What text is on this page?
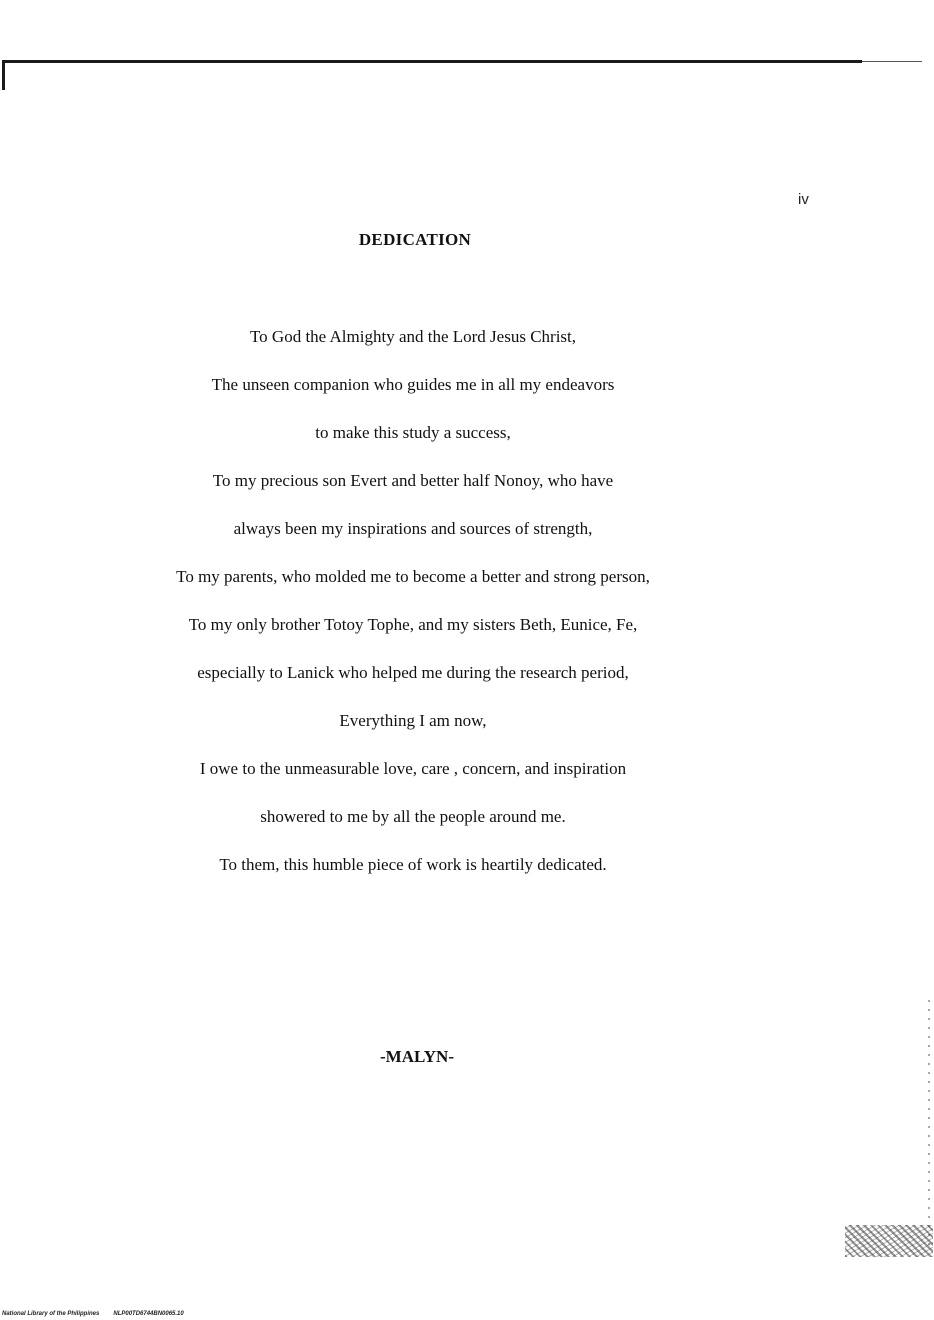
iv
DEDICATION
To God the Almighty and the Lord Jesus Christ,
The unseen companion who guides me in all my endeavors
to make this study a success,
To my precious son Evert and better half Nonoy, who have
always been my inspirations and sources of strength,
To my parents, who molded me to become a better and strong person,
To my only brother Totoy Tophe, and my sisters Beth, Eunice, Fe,
especially to Lanick who helped me during the research period,
Everything I am now,
I owe to the unmeasurable love, care , concern, and inspiration
showered to me by all the people around me.
To them, this humble piece of work is heartily dedicated.
-MALYN-
National Library of the Philippines NLP00TD6744BN0065.10
